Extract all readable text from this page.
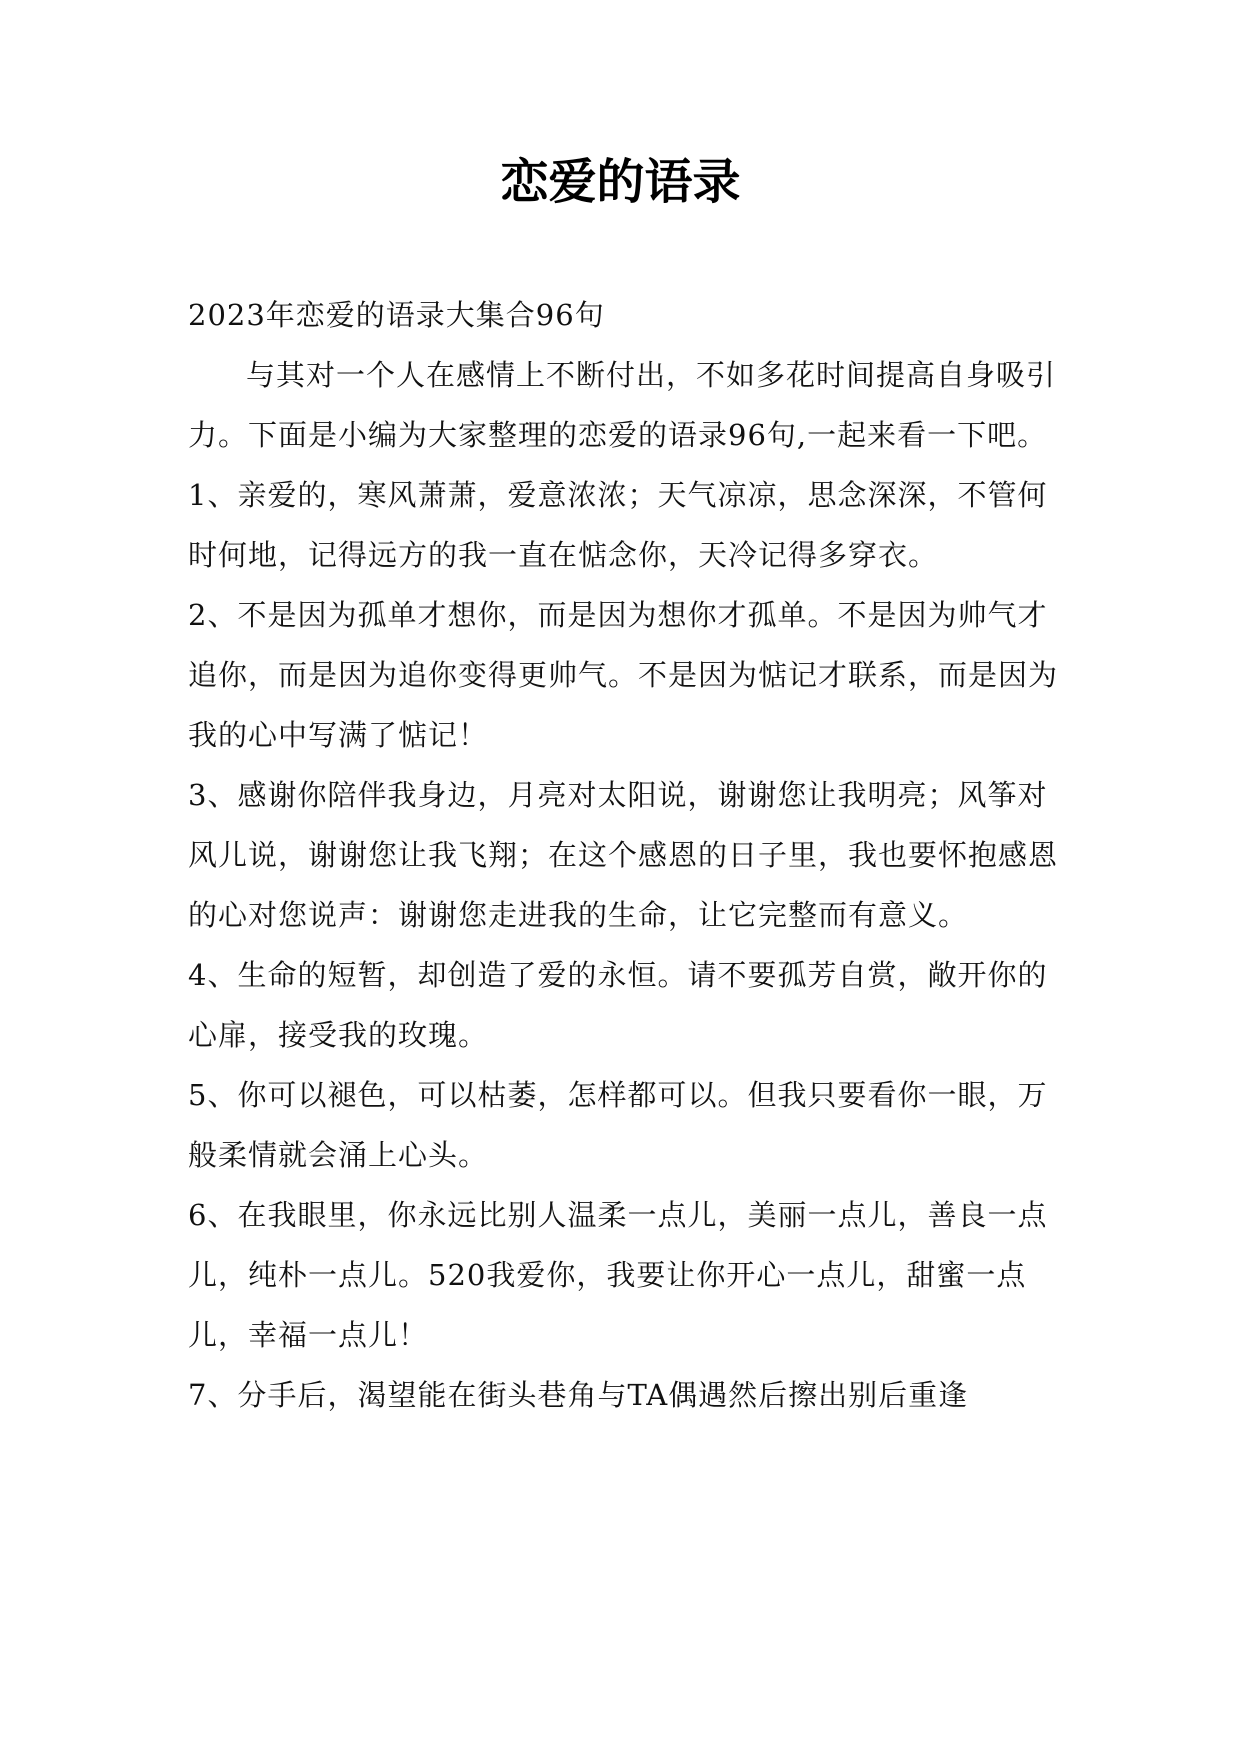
恋爱的语录

2023年恋爱的语录大集合96句

与其对一个人在感情上不断付出，不如多花时间提高自身吸引力。下面是小编为大家整理的恋爱的语录96句,一起来看一下吧。

1、亲爱的，寒风萧萧，爱意浓浓；天气凉凉，思念深深，不管何时何地，记得远方的我一直在惦念你，天冷记得多穿衣。

2、不是因为孤单才想你，而是因为想你才孤单。不是因为帅气才追你，而是因为追你变得更帅气。不是因为惦记才联系，而是因为我的心中写满了惦记！

3、感谢你陪伴我身边，月亮对太阳说，谢谢您让我明亮；风筝对风儿说，谢谢您让我飞翔；在这个感恩的日子里，我也要怀抱感恩的心对您说声：谢谢您走进我的生命，让它完整而有意义。

4、生命的短暂，却创造了爱的永恒。请不要孤芳自赏，敞开你的心扉，接受我的玫瑰。

5、你可以褪色，可以枯萎，怎样都可以。但我只要看你一眼，万般柔情就会涌上心头。

6、在我眼里，你永远比别人温柔一点儿，美丽一点儿，善良一点儿，纯朴一点儿。520我爱你，我要让你开心一点儿，甜蜜一点儿，幸福一点儿！

7、分手后，渴望能在街头巷角与TA偶遇然后擦出别后重逢
